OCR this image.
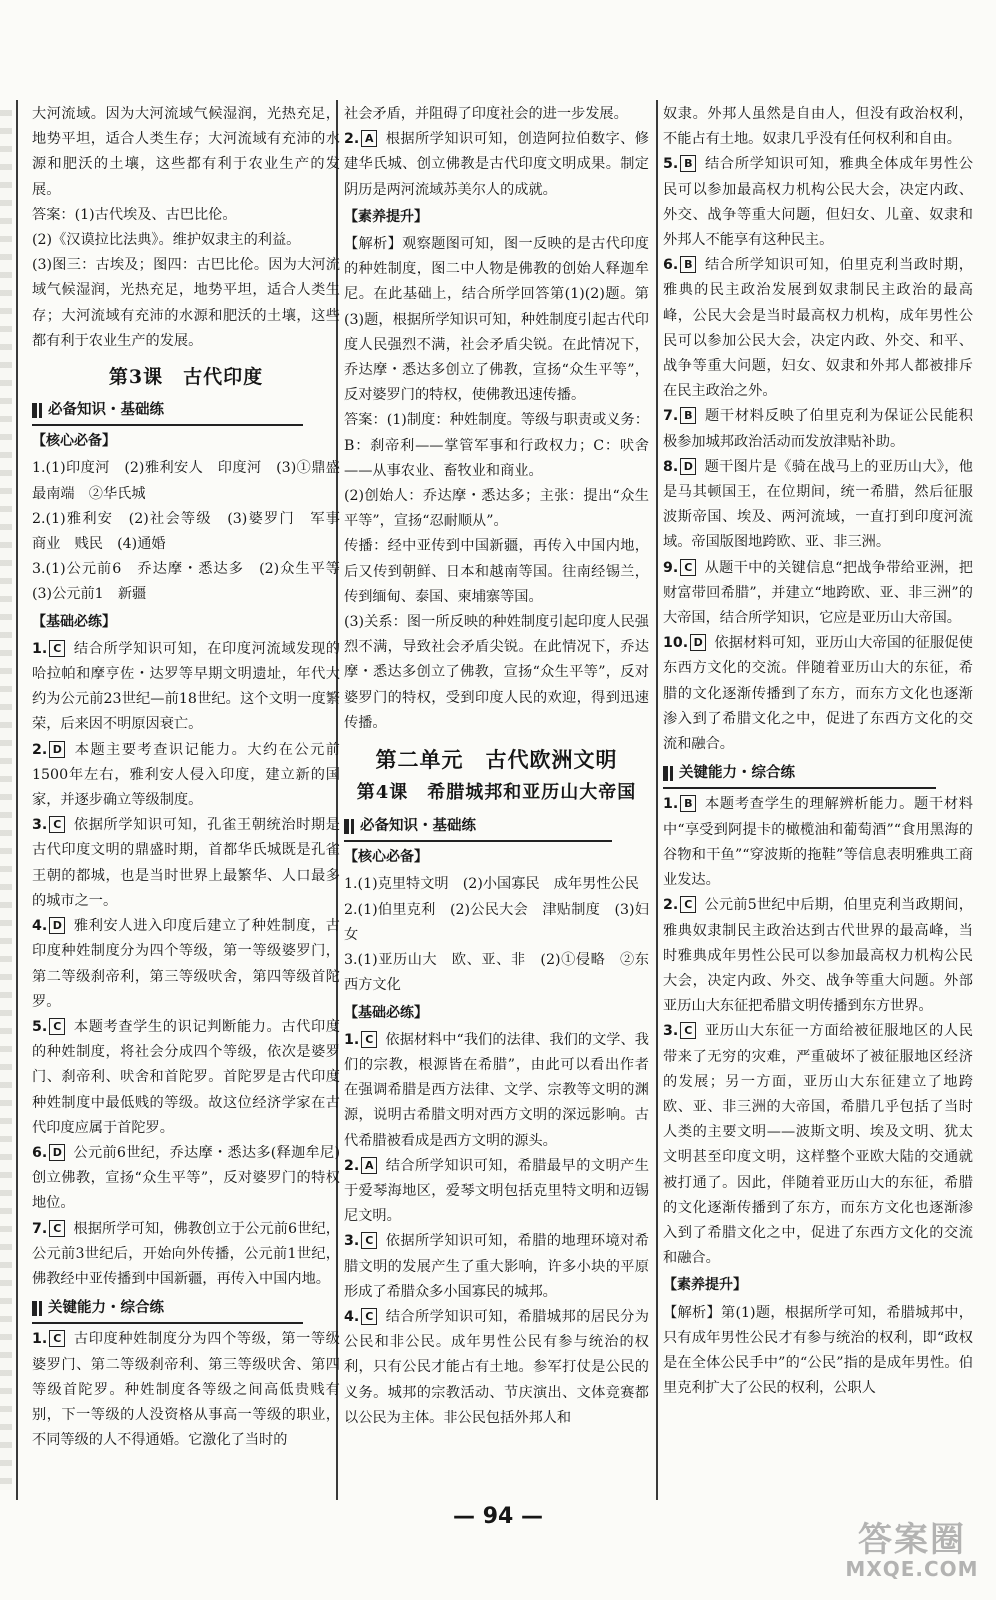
大河流域。因为大河流域气候湿润，光热充足，地势平坦，适合人类生存；大河流域有充沛的水源和肥沃的土壤，这些都有利于农业生产的发展。

答案：(1)古代埃及、古巴比伦。

(2)《汉谟拉比法典》。维护奴隶主的利益。

(3)图三：古埃及；图四：古巴比伦。因为大河流域气候湿润，光热充足，地势平坦，适合人类生存；大河流域有充沛的水源和肥沃的土壤，这些都有利于农业生产的发展。

第3课　古代印度
必备知识・基础练
【核心必备】

1.(1)印度河　(2)雅利安人　印度河　(3)①鼎盛　最南端　②华氏城

2.(1)雅利安　(2)社会等级　(3)婆罗门　军事　商业　贱民　(4)通婚

3.(1)公元前6　乔达摩・悉达多　(2)众生平等　(3)公元前1　新疆

【基础必练】

1. C 结合所学知识可知，在印度河流域发现的哈拉帕和摩亨佐・达罗等早期文明遗址，年代大约为公元前23世纪—前18世纪。这个文明一度繁荣，后来因不明原因衰亡。

2. D 本题主要考查识记能力。大约在公元前1500年左右，雅利安人侵入印度，建立新的国家，并逐步确立等级制度。

3. C 依据所学知识可知，孔雀王朝统治时期是古代印度文明的鼎盛时期，首都华氏城既是孔雀王朝的都城，也是当时世界上最繁华、人口最多的城市之一。

4. D 雅利安人进入印度后建立了种姓制度，古印度种姓制度分为四个等级，第一等级婆罗门，第二等级刹帝利，第三等级吠舍，第四等级首陀罗。

5. C 本题考查学生的识记判断能力。古代印度的种姓制度，将社会分成四个等级，依次是婆罗门、刹帝利、吠舍和首陀罗。首陀罗是古代印度种姓制度中最低贱的等级。故这位经济学家在古代印度应属于首陀罗。

6. D 公元前6世纪，乔达摩・悉达多(释迦牟尼)创立佛教，宣扬“众生平等”，反对婆罗门的特权地位。

7. C 根据所学可知，佛教创立于公元前6世纪，公元前3世纪后，开始向外传播，公元前1世纪，佛教经中亚传播到中国新疆，再传入中国内地。

关键能力・综合练

1. C 古印度种姓制度分为四个等级，第一等级婆罗门、第二等级刹帝利、第三等级吠舍、第四等级首陀罗。种姓制度各等级之间高低贵贱有别，下一等级的人没资格从事高一等级的职业，不同等级的人不得通婚。它激化了当时的

社会矛盾，并阻碍了印度社会的进一步发展。

2. A 根据所学知识可知，创造阿拉伯数字、修建华氏城、创立佛教是古代印度文明成果。制定阴历是两河流域苏美尔人的成就。

【素养提升】

【解析】观察题图可知，图一反映的是古代印度的种姓制度，图二中人物是佛教的创始人释迦牟尼。在此基础上，结合所学回答第(1)(2)题。第(3)题，根据所学知识可知，种姓制度引起古代印度人民强烈不满，社会矛盾尖锐。在此情况下，乔达摩・悉达多创立了佛教，宣扬“众生平等”，反对婆罗门的特权，使佛教迅速传播。

答案：(1)制度：种姓制度。等级与职责或义务：B：刹帝利——掌管军事和行政权力；C：吠舍——从事农业、畜牧业和商业。

(2)创始人：乔达摩・悉达多；主张：提出“众生平等”，宣扬“忍耐顺从”。

传播：经中亚传到中国新疆，再传入中国内地，后又传到朝鲜、日本和越南等国。往南经锡兰，传到缅甸、泰国、柬埔寨等国。

(3)关系：图一所反映的种姓制度引起印度人民强烈不满，导致社会矛盾尖锐。在此情况下，乔达摩・悉达多创立了佛教，宣扬“众生平等”，反对婆罗门的特权，受到印度人民的欢迎，得到迅速传播。

第二单元　古代欧洲文明
第4课　希腊城邦和亚历山大帝国
必备知识・基础练
【核心必备】

1.(1)克里特文明　(2)小国寡民　成年男性公民

2.(1)伯里克利　(2)公民大会　津贴制度　(3)妇女

3.(1)亚历山大　欧、亚、非　(2)①侵略　②东西方文化

【基础必练】

1. C 依据材料中“我们的法律、我们的文学、我们的宗教，根源皆在希腊”，由此可以看出作者在强调希腊是西方法律、文学、宗教等文明的渊源，说明古希腊文明对西方文明的深远影响。古代希腊被看成是西方文明的源头。

2. A 结合所学知识可知，希腊最早的文明产生于爱琴海地区，爱琴文明包括克里特文明和迈锡尼文明。

3. C 依据所学知识可知，希腊的地理环境对希腊文明的发展产生了重大影响，许多小块的平原形成了希腊众多小国寡民的城邦。

4. C 结合所学知识可知，希腊城邦的居民分为公民和非公民。成年男性公民有参与统治的权利，只有公民才能占有土地。参军打仗是公民的义务。城邦的宗教活动、节庆演出、文体竞赛都以公民为主体。非公民包括外邦人和

奴隶。外邦人虽然是自由人，但没有政治权利，不能占有土地。奴隶几乎没有任何权利和自由。

5. B 结合所学知识可知，雅典全体成年男性公民可以参加最高权力机构公民大会，决定内政、外交、战争等重大问题，但妇女、儿童、奴隶和外邦人不能享有这种民主。

6. B 结合所学知识可知，伯里克利当政时期，雅典的民主政治发展到奴隶制民主政治的最高峰，公民大会是当时最高权力机构，成年男性公民可以参加公民大会，决定内政、外交、和平、战争等重大问题，妇女、奴隶和外邦人都被排斥在民主政治之外。

7. B 题干材料反映了伯里克利为保证公民能积极参加城邦政治活动而发放津贴补助。

8. D 题干图片是《骑在战马上的亚历山大》，他是马其顿国王，在位期间，统一希腊，然后征服波斯帝国、埃及、两河流域，一直打到印度河流域。帝国版图地跨欧、亚、非三洲。

9. C 从题干中的关键信息“把战争带给亚洲，把财富带回希腊”，并建立“地跨欧、亚、非三洲”的大帝国，结合所学知识，它应是亚历山大帝国。

10. D 依据材料可知，亚历山大帝国的征服促使东西方文化的交流。伴随着亚历山大的东征，希腊的文化逐渐传播到了东方，而东方文化也逐渐渗入到了希腊文化之中，促进了东西方文化的交流和融合。

关键能力・综合练

1. B 本题考查学生的理解辨析能力。题干材料中“享受到阿提卡的橄榄油和葡萄酒”“食用黑海的谷物和干鱼”“穿波斯的拖鞋”等信息表明雅典工商业发达。

2. C 公元前5世纪中后期，伯里克利当政期间，雅典奴隶制民主政治达到古代世界的最高峰，当时雅典成年男性公民可以参加最高权力机构公民大会，决定内政、外交、战争等重大问题。外部亚历山大东征把希腊文明传播到东方世界。

3. C 亚历山大东征一方面给被征服地区的人民带来了无穷的灾难，严重破坏了被征服地区经济的发展；另一方面，亚历山大东征建立了地跨欧、亚、非三洲的大帝国，希腊几乎包括了当时人类的主要文明——波斯文明、埃及文明、犹太文明甚至印度文明，这样整个亚欧大陆的交通就被打通了。因此，伴随着亚历山大的东征，希腊的文化逐渐传播到了东方，而东方文化也逐渐渗入到了希腊文化之中，促进了东西方文化的交流和融合。

【素养提升】

【解析】第(1)题，根据所学可知，希腊城邦中，只有成年男性公民才有参与统治的权利，即“政权是在全体公民手中”的“公民”指的是成年男性。伯里克利扩大了公民的权利，公职人

— 94 —
答案圈
MXQE.COM
